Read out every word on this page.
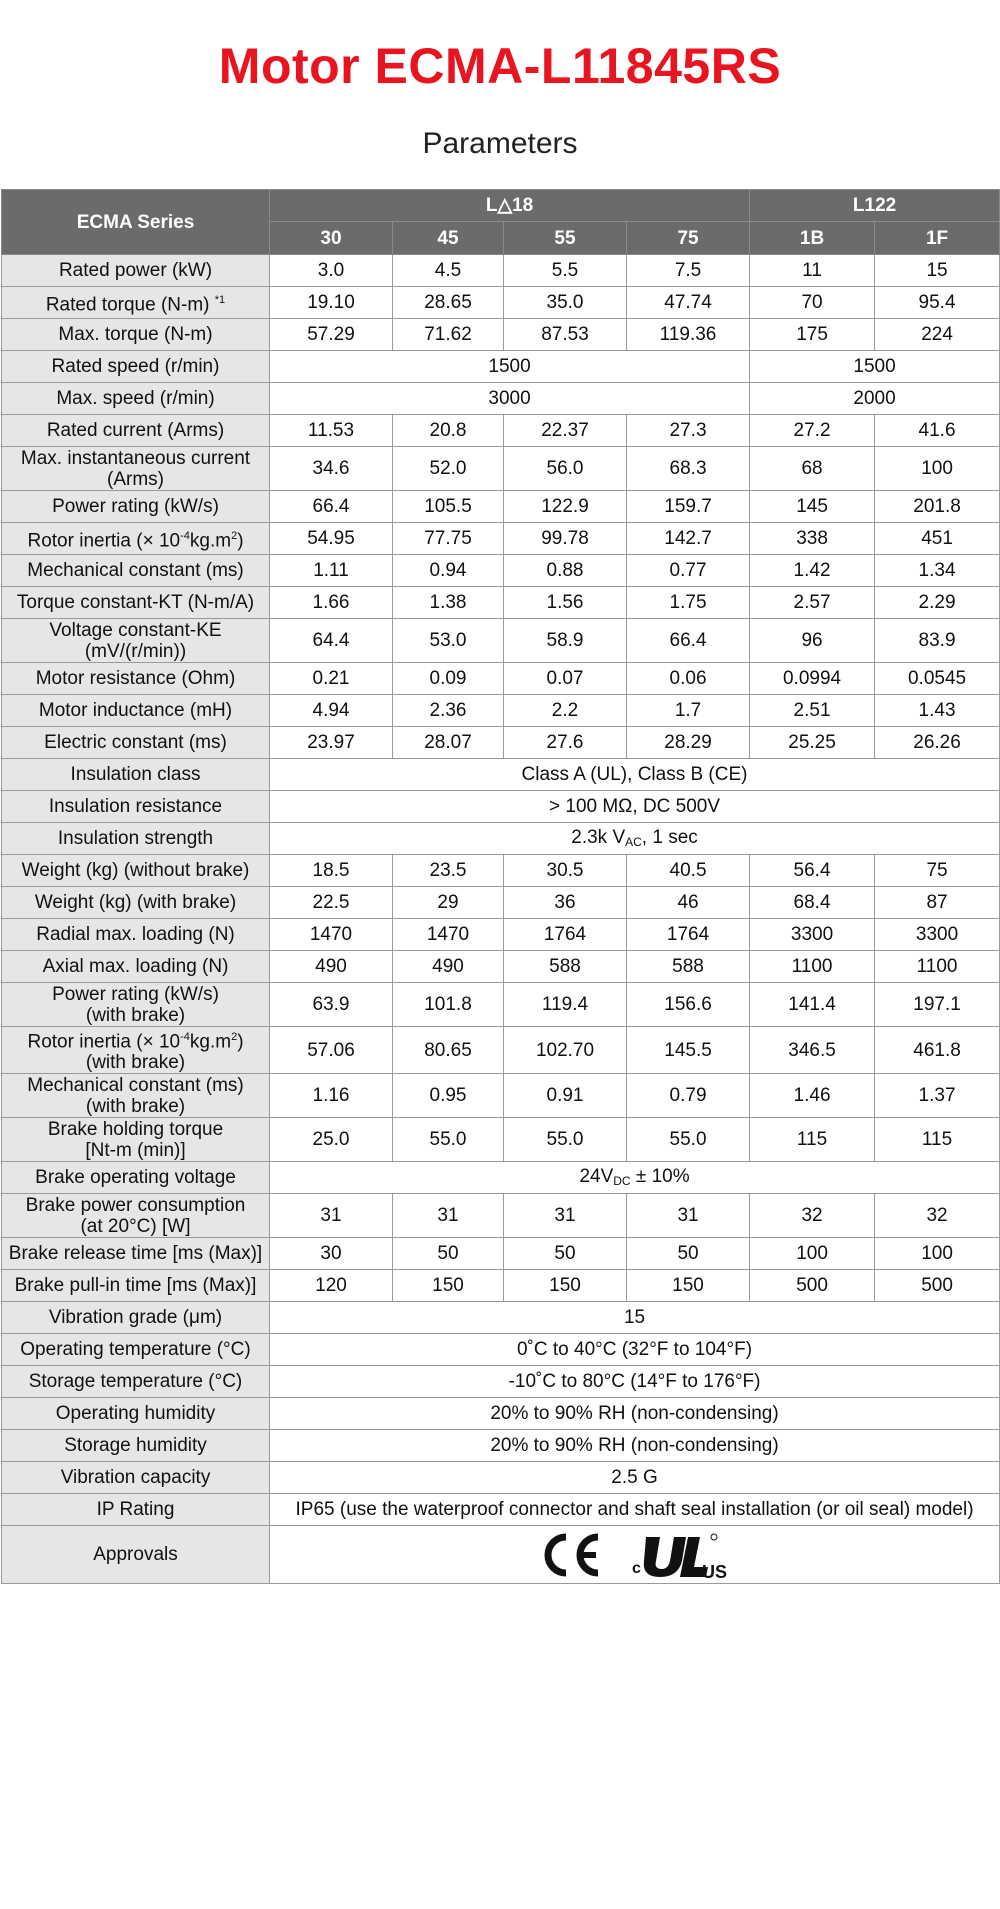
Motor ECMA-L11845RS
Parameters
ECMA Series	L△18				L122	
	30	45	55	75	1B	1F
Rated power (kW)	3.0	4.5	5.5	7.5	11	15
Rated torque (N-m) $^{*1}$	19.10	28.65	35.0	47.74	70	95.4
Max. torque (N-m)	57.29	71.62	87.53	119.36	175	224
Rated speed (r/min)	1500				1500	
Max. speed (r/min)	3000				2000	
Rated current (Arms)	11.53	20.8	22.37	27.3	27.2	41.6
Max. instantaneous current (Arms)	34.6	52.0	56.0	68.3	68	100
Power rating (kW/s)	66.4	105.5	122.9	159.7	145	201.8
Rotor inertia (× $10^{-4}kg.m^2$)	54.95	77.75	99.78	142.7	338	451
Mechanical constant (ms)	1.11	0.94	0.88	0.77	1.42	1.34
Torque constant-KT (N-m/A)	1.66	1.38	1.56	1.75	2.57	2.29
Voltage constant-KE (mV/(r/min))	64.4	53.0	58.9	66.4	96	83.9
Motor resistance (Ohm)	0.21	0.09	0.07	0.06	0.0994	0.0545
Motor inductance (mH)	4.94	2.36	2.2	1.7	2.51	1.43
Electric constant (ms)	23.97	28.07	27.6	28.29	25.25	26.26
Insulation class	Class A (UL), Class B (CE)					
Insulation resistance	> 100 MΩ, DC 500V					
Insulation strength	2.3k $V_{AC}$, 1 sec					
Weight (kg) (without brake)	18.5	23.5	30.5	40.5	56.4	75
Weight (kg) (with brake)	22.5	29	36	46	68.4	87
Radial max. loading (N)	1470	1470	1764	1764	3300	3300
Axial max. loading (N)	490	490	588	588	1100	1100
Power rating (kW/s)
(with brake)	63.9	101.8	119.4	156.6	141.4	197.1
Rotor inertia (× $10^{-4}kg.m^2$)
(with brake)	57.06	80.65	102.70	145.5	346.5	461.8
Mechanical constant (ms)
(with brake)	1.16	0.95	0.91	0.79	1.46	1.37
Brake holding torque
[Nt-m (min)]	25.0	55.0	55.0	55.0	115	115
Brake operating voltage	$24V_{DC} \pm 10\%$					
Brake power consumption
(at 20°C) [W]	31	31	31	31	32	32
Brake release time [ms (Max)]	30	50	50	50	100	100
Brake pull-in time [ms (Max)]	120	150	150	150	500	500
Vibration grade (μm)	15					
Operating temperature (°C)	0˚C to 40°C (32°F to 104°F)					
Storage temperature (°C)	-10˚C to 80°C (14°F to 176°F)					
Operating humidity	20% to 90% RH (non-condensing)					
Storage humidity	20% to 90% RH (non-condensing)					
Vibration capacity	2.5 G					
IP Rating	IP65 (use the waterproof connector and shaft seal installation (or oil seal) model)					
Approvals	c US					
